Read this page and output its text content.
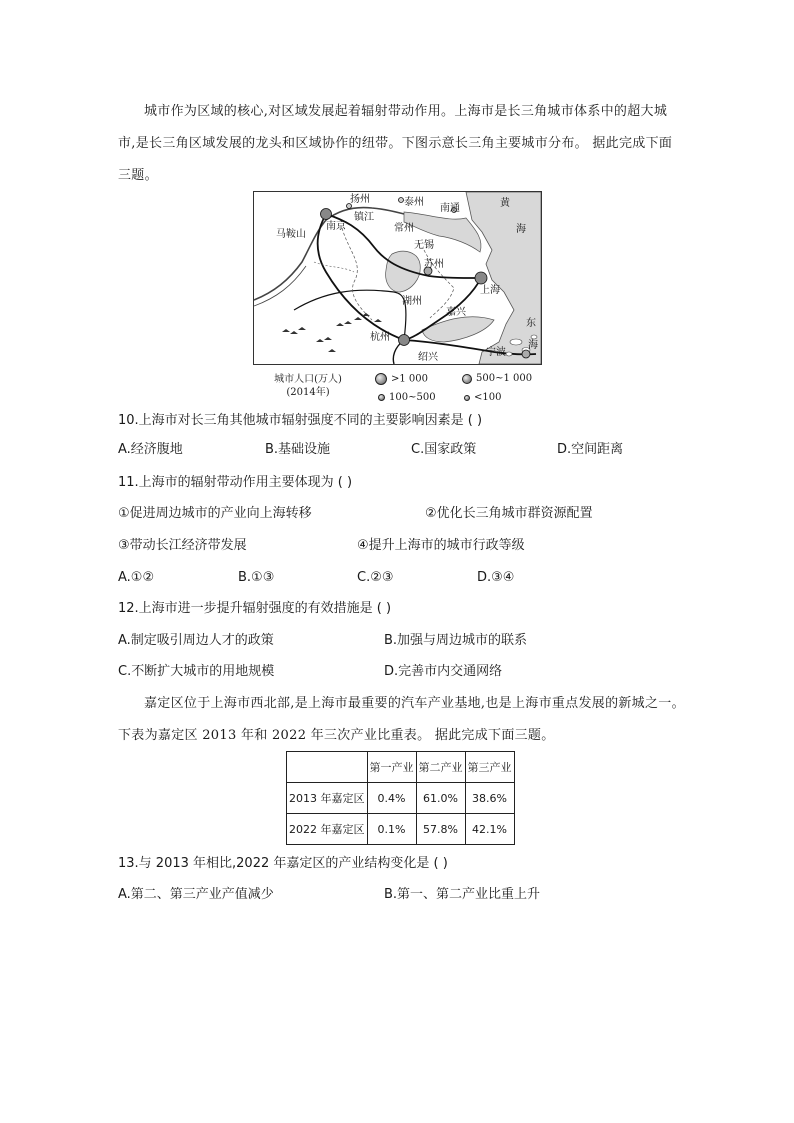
城市作为区域的核心,对区域发展起着辐射带动作用。上海市是长三角城市体系中的超大城市,是长三角区域发展的龙头和区域协作的纽带。下图示意长三角主要城市分布。 据此完成下面三题。
扬州	泰州
南通
镇江
南京
马鞍山
常州
无锡
苏州
上海
湖州
嘉兴
杭州
绍兴	宁波
黄
海
东
海
城市人口(万人)
(2014年)
>1 000	500~1 000
100~500	<100
10.上海市对长三角其他城市辐射强度不同的主要影响因素是 ( )
A.经济腹地	B.基础设施	C.国家政策	D.空间距离
11.上海市的辐射带动作用主要体现为 ( )
①促进周边城市的产业向上海转移	②优化长三角城市群资源配置
③带动长江经济带发展	④提升上海市的城市行政等级
A.①②	B.①③	C.②③	D.③④
12.上海市进一步提升辐射强度的有效措施是 ( )
A.制定吸引周边人才的政策	B.加强与周边城市的联系
C.不断扩大城市的用地规模	D.完善市内交通网络
嘉定区位于上海市西北部,是上海市最重要的汽车产业基地,也是上海市重点发展的新城之一。下表为嘉定区 2013 年和 2022 年三次产业比重表。 据此完成下面三题。
	第一产业	第二产业	第三产业
2013 年嘉定区	0.4%	61.0%	38.6%
2022 年嘉定区	0.1%	57.8%	42.1%
13.与 2013 年相比,2022 年嘉定区的产业结构变化是 ( )
A.第二、第三产业产值减少	B.第一、第二产业比重上升
